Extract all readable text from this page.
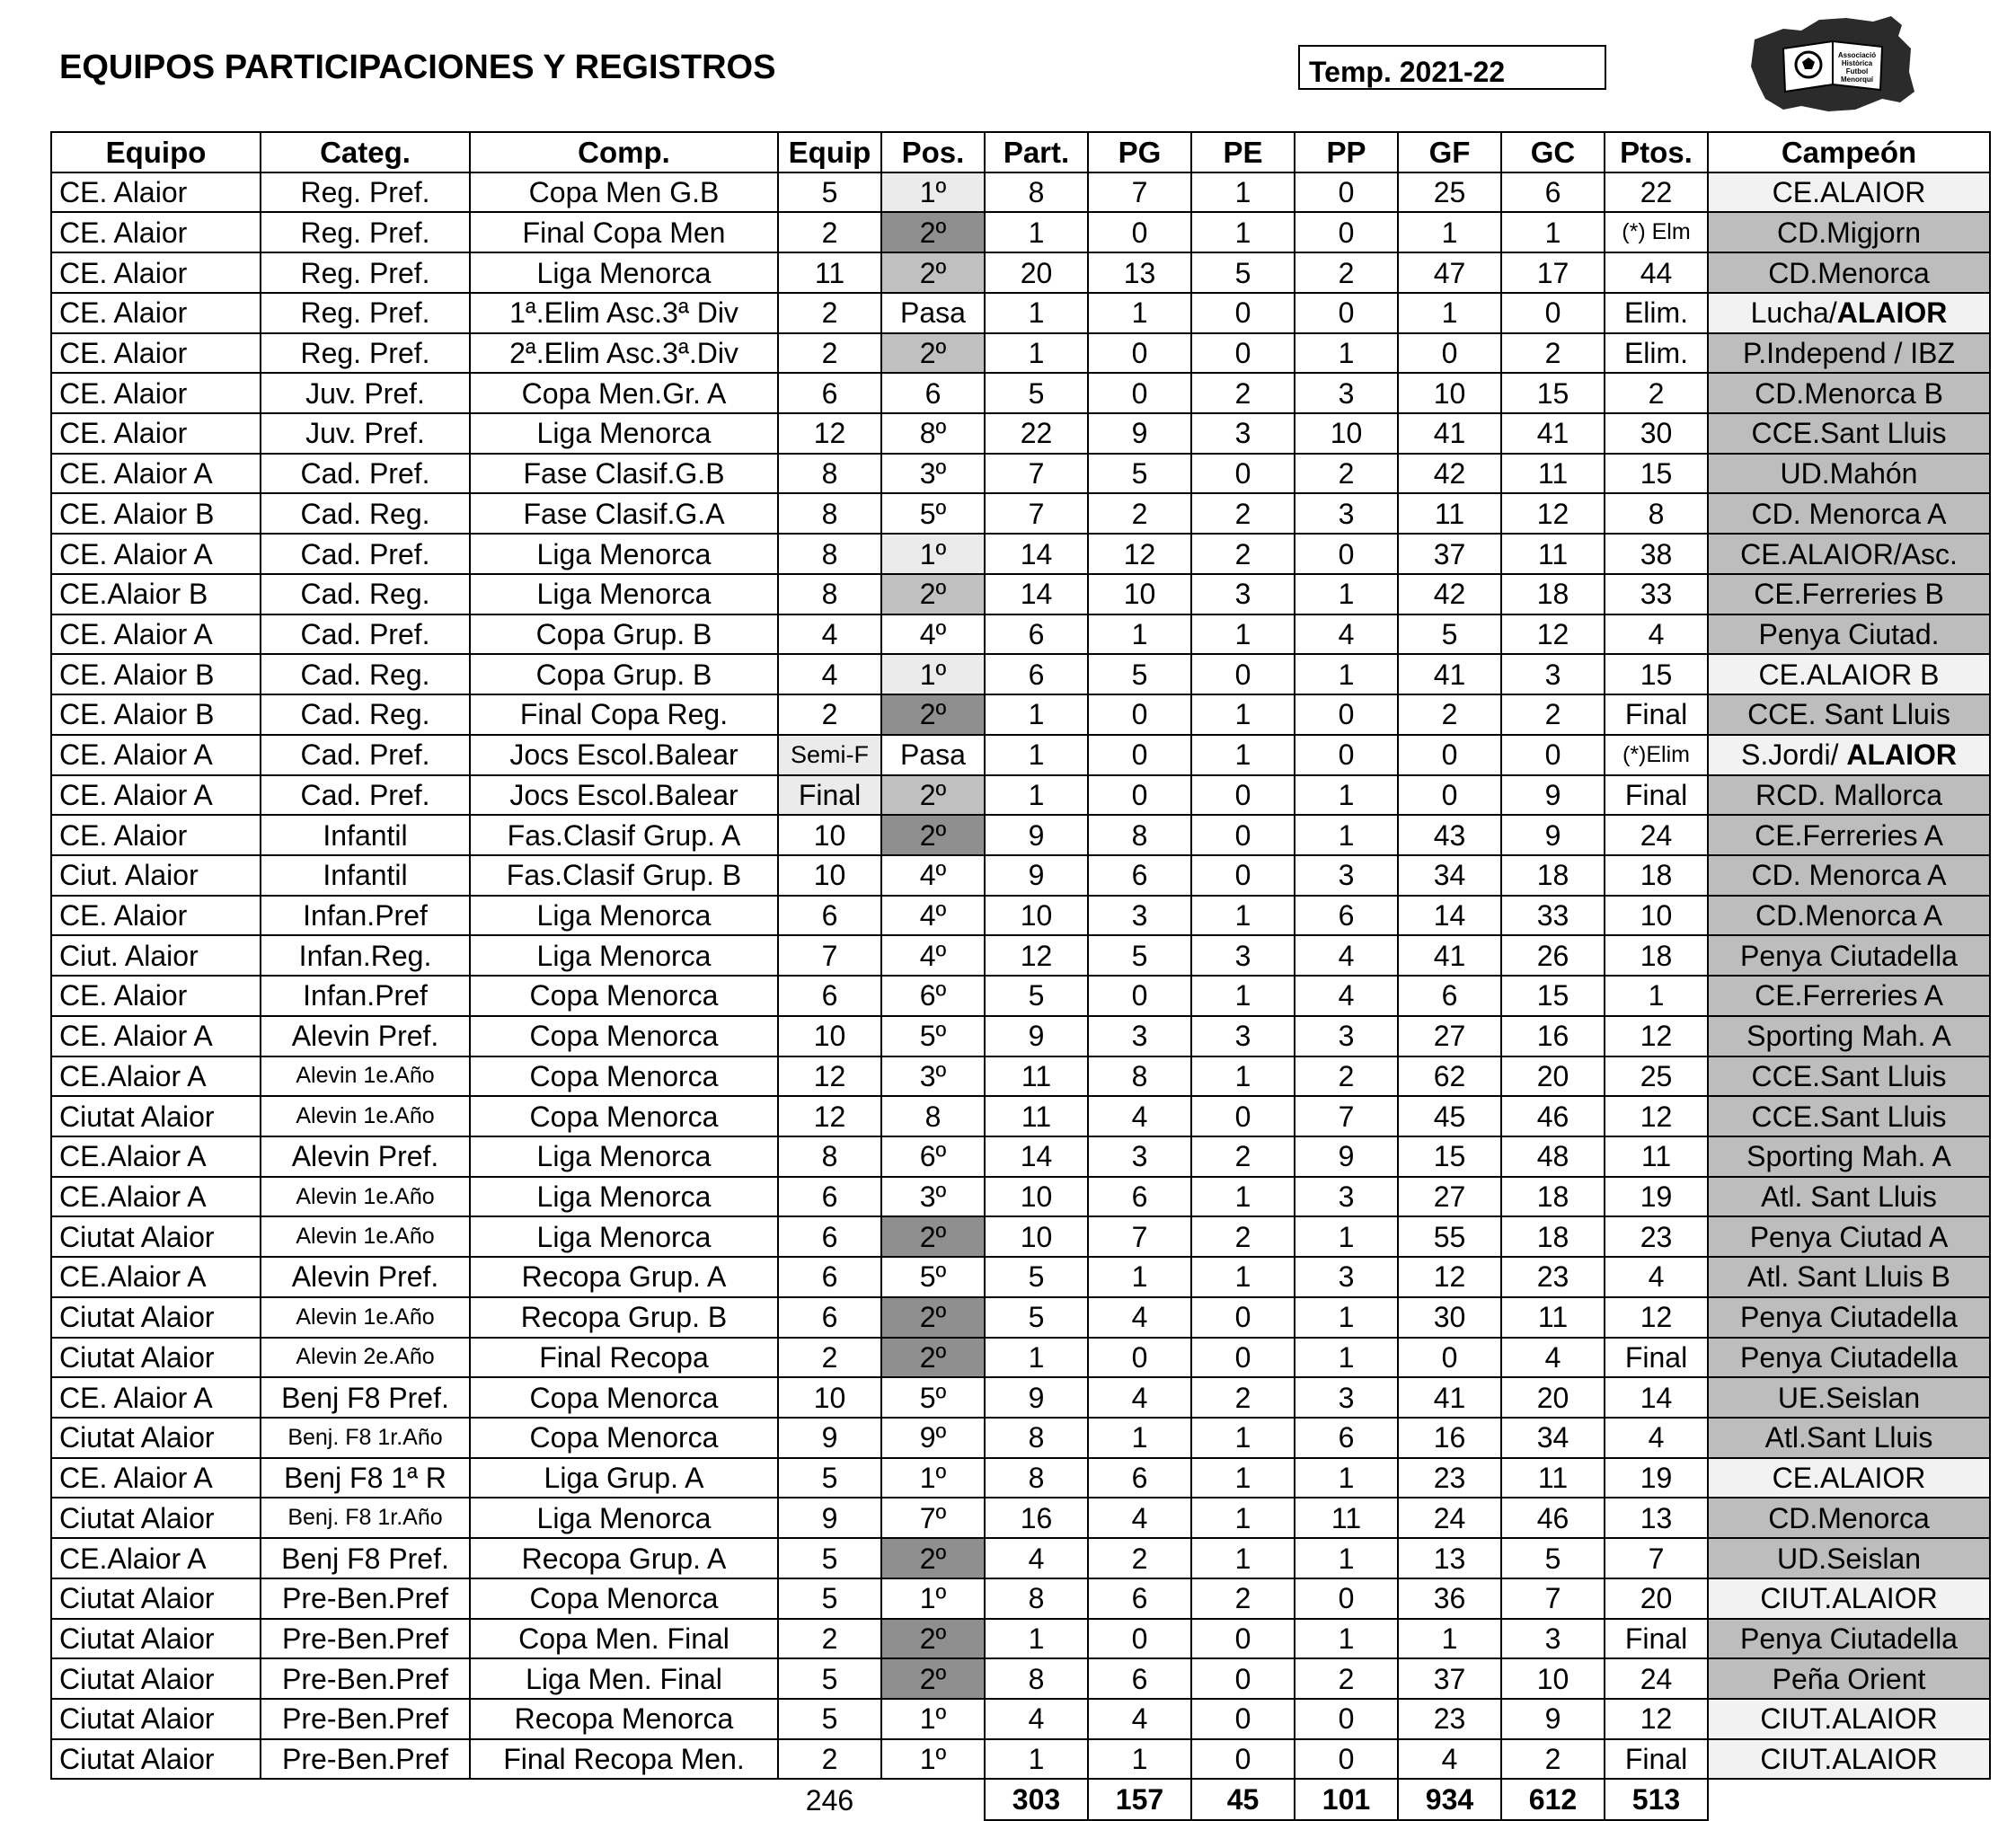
EQUIPOS PARTICIPACIONES Y REGISTROS	Temp. 2021-22
Associació
Històrica
Futbol
Menorquí
Equipo	Categ.	Comp.	Equip	Pos.	Part.	PG	PE	PP	GF	GC	Ptos.	Campeón
CE. Alaior	Reg. Pref.	Copa Men G.B	5	1º	8	7	1	0	25	6	22	CE.ALAIOR
CE. Alaior	Reg. Pref.	Final Copa Men	2	2º	1	0	1	0	1	1	(*) Elm	CD.Migjorn
CE. Alaior	Reg. Pref.	Liga Menorca	11	2º	20	13	5	2	47	17	44	CD.Menorca
CE. Alaior	Reg. Pref.	1ª.Elim Asc.3ª Div	2	Pasa	1	1	0	0	1	0	Elim.	Lucha/ALAIOR
CE. Alaior	Reg. Pref.	2ª.Elim Asc.3ª.Div	2	2º	1	0	0	1	0	2	Elim.	P.Independ / IBZ
CE. Alaior	Juv. Pref.	Copa Men.Gr. A	6	6	5	0	2	3	10	15	2	CD.Menorca B
CE. Alaior	Juv. Pref.	Liga Menorca	12	8º	22	9	3	10	41	41	30	CCE.Sant Lluis
CE. Alaior A	Cad. Pref.	Fase Clasif.G.B	8	3º	7	5	0	2	42	11	15	UD.Mahón
CE. Alaior B	Cad. Reg.	Fase Clasif.G.A	8	5º	7	2	2	3	11	12	8	CD. Menorca A
CE. Alaior A	Cad. Pref.	Liga Menorca	8	1º	14	12	2	0	37	11	38	CE.ALAIOR/Asc.
CE.Alaior B	Cad. Reg.	Liga Menorca	8	2º	14	10	3	1	42	18	33	CE.Ferreries B
CE. Alaior A	Cad. Pref.	Copa Grup. B	4	4º	6	1	1	4	5	12	4	Penya Ciutad.
CE. Alaior B	Cad. Reg.	Copa Grup. B	4	1º	6	5	0	1	41	3	15	CE.ALAIOR B
CE. Alaior B	Cad. Reg.	Final Copa Reg.	2	2º	1	0	1	0	2	2	Final	CCE. Sant Lluis
CE. Alaior A	Cad. Pref.	Jocs Escol.Balear	Semi-F	Pasa	1	0	1	0	0	0	(*)Elim	S.Jordi/ ALAIOR
CE. Alaior A	Cad. Pref.	Jocs Escol.Balear	Final	2º	1	0	0	1	0	9	Final	RCD. Mallorca
CE. Alaior	Infantil	Fas.Clasif Grup. A	10	2º	9	8	0	1	43	9	24	CE.Ferreries A
Ciut. Alaior	Infantil	Fas.Clasif Grup. B	10	4º	9	6	0	3	34	18	18	CD. Menorca A
CE. Alaior	Infan.Pref	Liga Menorca	6	4º	10	3	1	6	14	33	10	CD.Menorca A
Ciut. Alaior	Infan.Reg.	Liga Menorca	7	4º	12	5	3	4	41	26	18	Penya Ciutadella
CE. Alaior	Infan.Pref	Copa Menorca	6	6º	5	0	1	4	6	15	1	CE.Ferreries A
CE. Alaior A	Alevin Pref.	Copa Menorca	10	5º	9	3	3	3	27	16	12	Sporting Mah. A
CE.Alaior A	Alevin 1e.Año	Copa Menorca	12	3º	11	8	1	2	62	20	25	CCE.Sant Lluis
Ciutat Alaior	Alevin 1e.Año	Copa Menorca	12	8	11	4	0	7	45	46	12	CCE.Sant Lluis
CE.Alaior A	Alevin Pref.	Liga Menorca	8	6º	14	3	2	9	15	48	11	Sporting Mah. A
CE.Alaior A	Alevin 1e.Año	Liga Menorca	6	3º	10	6	1	3	27	18	19	Atl. Sant Lluis
Ciutat Alaior	Alevin 1e.Año	Liga Menorca	6	2º	10	7	2	1	55	18	23	Penya Ciutad A
CE.Alaior A	Alevin Pref.	Recopa Grup. A	6	5º	5	1	1	3	12	23	4	Atl. Sant Lluis B
Ciutat Alaior	Alevin 1e.Año	Recopa Grup. B	6	2º	5	4	0	1	30	11	12	Penya Ciutadella
Ciutat Alaior	Alevin 2e.Año	Final Recopa	2	2º	1	0	0	1	0	4	Final	Penya Ciutadella
CE. Alaior A	Benj F8 Pref.	Copa Menorca	10	5º	9	4	2	3	41	20	14	UE.Seislan
Ciutat Alaior	Benj. F8 1r.Año	Copa Menorca	9	9º	8	1	1	6	16	34	4	Atl.Sant Lluis
CE. Alaior A	Benj F8 1ª R	Liga Grup. A	5	1º	8	6	1	1	23	11	19	CE.ALAIOR
Ciutat Alaior	Benj. F8 1r.Año	Liga Menorca	9	7º	16	4	1	11	24	46	13	CD.Menorca
CE.Alaior A	Benj F8 Pref.	Recopa Grup. A	5	2º	4	2	1	1	13	5	7	UD.Seislan
Ciutat Alaior	Pre-Ben.Pref	Copa Menorca	5	1º	8	6	2	0	36	7	20	CIUT.ALAIOR
Ciutat Alaior	Pre-Ben.Pref	Copa Men. Final	2	2º	1	0	0	1	1	3	Final	Penya Ciutadella
Ciutat Alaior	Pre-Ben.Pref	Liga Men. Final	5	2º	8	6	0	2	37	10	24	Peña Orient
Ciutat Alaior	Pre-Ben.Pref	Recopa Menorca	5	1º	4	4	0	0	23	9	12	CIUT.ALAIOR
Ciutat Alaior	Pre-Ben.Pref	Final Recopa Men.	2	1º	1	1	0	0	4	2	Final	CIUT.ALAIOR
			246		303	157	45	101	934	612	513	
